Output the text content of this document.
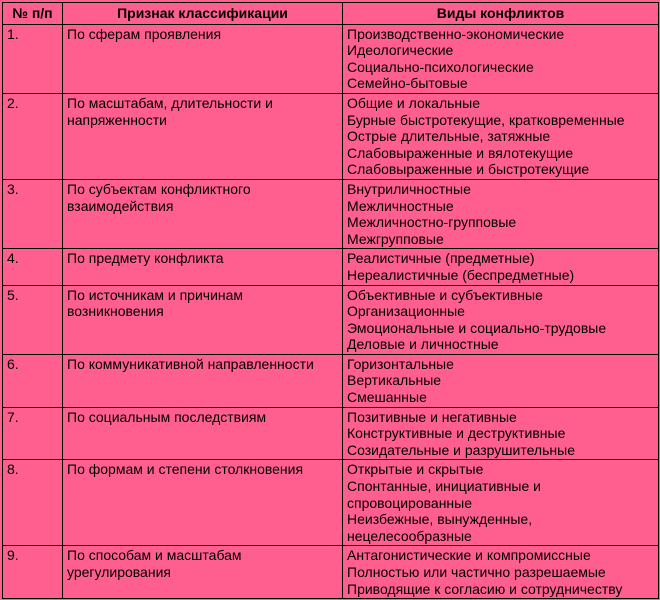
№ п/п	Признак классификации	Виды конфликтов
1.	По сферам проявления	Производственно-экономические
Идеологические
Социально-психологические
Семейно-бытовые

2.	По масштабам, длительности и напряженности	Общие и локальные
Бурные быстротекущие, кратковременные
Острые длительные, затяжные
Слабовыраженные и вялотекущие
Слабовыраженные и быстротекущие

3.	По субъектам конфликтного взаимодействия	Внутриличностные
Межличностные
Межличностно-групповые
Межгрупповые

4.	По предмету конфликта	Реалистичные (предметные)
Нереалистичные (беспредметные)

5.	По источникам и причинам возникновения	Объективные и субъективные
Организационные
Эмоциональные и социально-трудовые
Деловые и личностные

6.	По коммуникативной направленности	Горизонтальные
Вертикальные
Смешанные

7.	По социальным последствиям	Позитивные и негативные
Конструктивные и деструктивные
Созидательные и разрушительные

8.	По формам и степени столкновения	Открытые и скрытые
Спонтанные, инициативные и спровоцированные
Неизбежные, вынужденные, нецелесообразные

9.	По способам и масштабам урегулирования	Антагонистические и компромиссные
Полностью или частично разрешаемые
Приводящие к согласию и сотрудничеству
